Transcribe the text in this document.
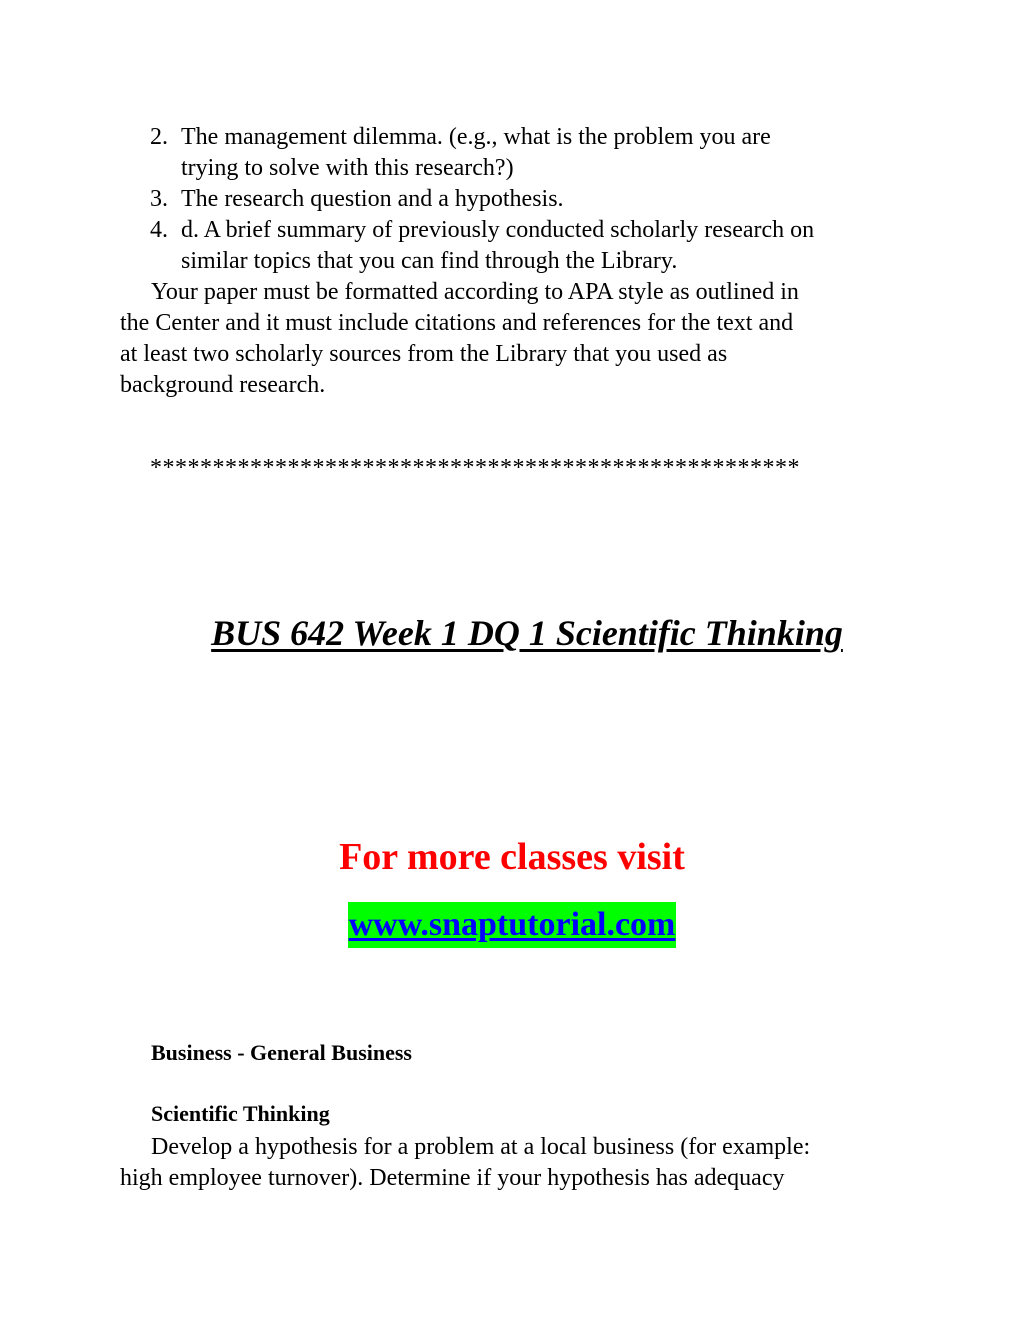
2. The management dilemma. (e.g., what is the problem you are
trying to solve with this research?)
3. The research question and a hypothesis.
4. d. A brief summary of previously conducted scholarly research on
similar topics that you can find through the Library.
Your paper must be formatted according to APA style as outlined in
the Center and it must include citations and references for the text and
at least two scholarly sources from the Library that you used as
background research.

****************************************************

BUS 642 Week 1 DQ 1 Scientific Thinking

For more classes visit

www.snaptutorial.com

Business - General Business

Scientific Thinking

Develop a hypothesis for a problem at a local business (for example:
high employee turnover). Determine if your hypothesis has adequacy
